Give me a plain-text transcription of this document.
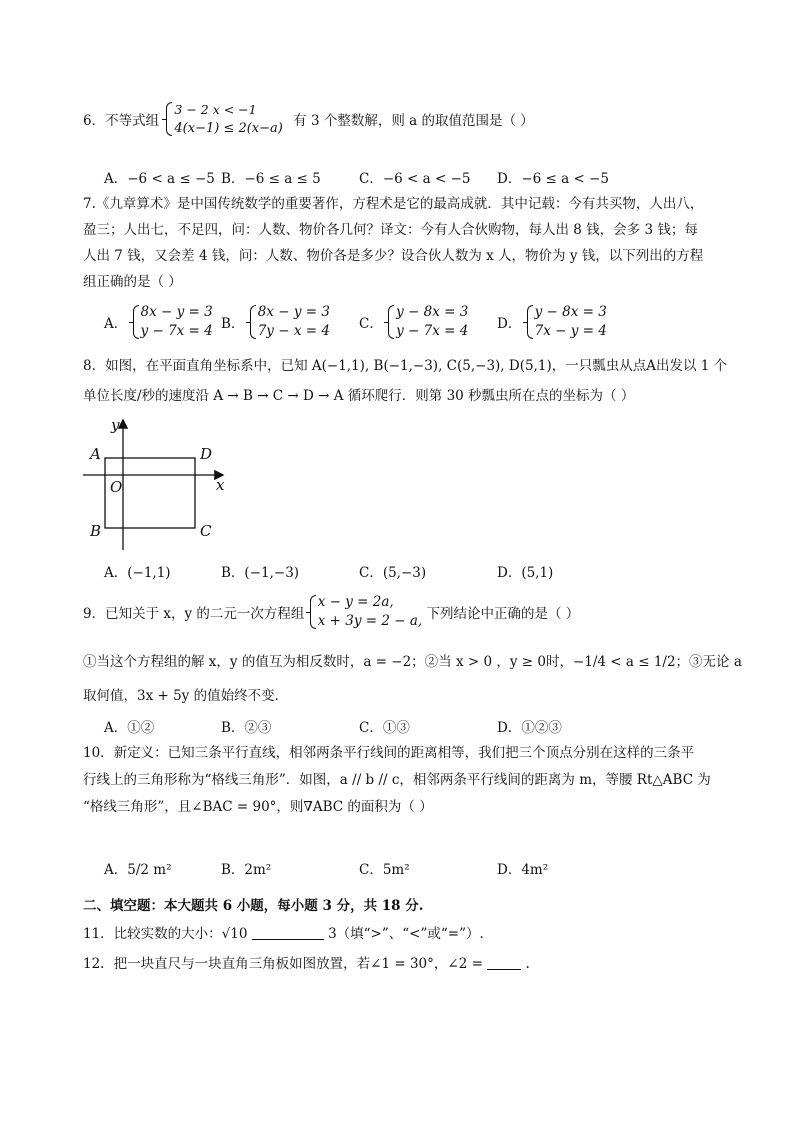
6．不等式组
3 − 2 x < −1
4(x−1) ≤ 2(x−a) 有 3 个整数解，则 a 的取值范围是（ ）
A．−6 < a ≤ −5 B．−6 ≤ a ≤ 5	C．−6 < a < −5 D．−6 ≤ a < −5
7.《九章算术》是中国传统数学的重要著作，方程术是它的最高成就．其中记载：今有共买物，人出八，
盈三；人出七，不足四，问：人数、物价各几何？译文：今有人合伙购物，每人出 8 钱，会多 3 钱；每
人出 7 钱，又会差 4 钱，问：人数、物价各是多少？设合伙人数为 x 人，物价为 y 钱，以下列出的方程
组正确的是（ ）
A．
8x − y = 3
y − 7x = 4 B．
8x − y = 3
7y − x = 4 C．
y − 8x = 3
y − 7x = 4 D．
y − 8x = 3
7x − y = 4
8．如图，在平面直角坐标系中，已知 A(−1,1), B(−1,−3), C(5,−3), D(5,1)，一只瓢虫从点A出发以 1 个
单位长度/秒的速度沿 A → B → C → D → A 循环爬行．则第 30 秒瓢虫所在点的坐标为（ ）
y
x
A	D
O
B	C
A．(−1,1)	B．(−1,−3)	C．(5,−3)	D．(5,1)
9．已知关于 x，y 的二元一次方程组
x − y = 2a,
x + 3y = 2 − a, 下列结论中正确的是（ ）
①当这个方程组的解 x，y 的值互为相反数时，a = −2；②当 x > 0 ，y ≥ 0时，−1/4 < a ≤ 1/2；③无论 a
取何值，3x + 5y 的值始终不变．
A．①②	B．②③	C．①③	D．①②③
10．新定义：已知三条平行直线，相邻两条平行线间的距离相等，我们把三个顶点分别在这样的三条平
行线上的三角形称为“格线三角形”．如图，a // b // c，相邻两条平行线间的距离为 m，等腰 Rt△ABC 为
“格线三角形”，且∠BAC = 90°，则∇ABC 的面积为（ ）
A．5/2 m²	B．2m²	C．5m²	D．4m²
二、填空题：本大题共 6 小题，每小题 3 分，共 18 分.
11．比较实数的大小：√10	3（填“>”、“<”或“=”）.
12．把一块直尺与一块直角三角板如图放置，若∠1 = 30°，∠2 =	.
